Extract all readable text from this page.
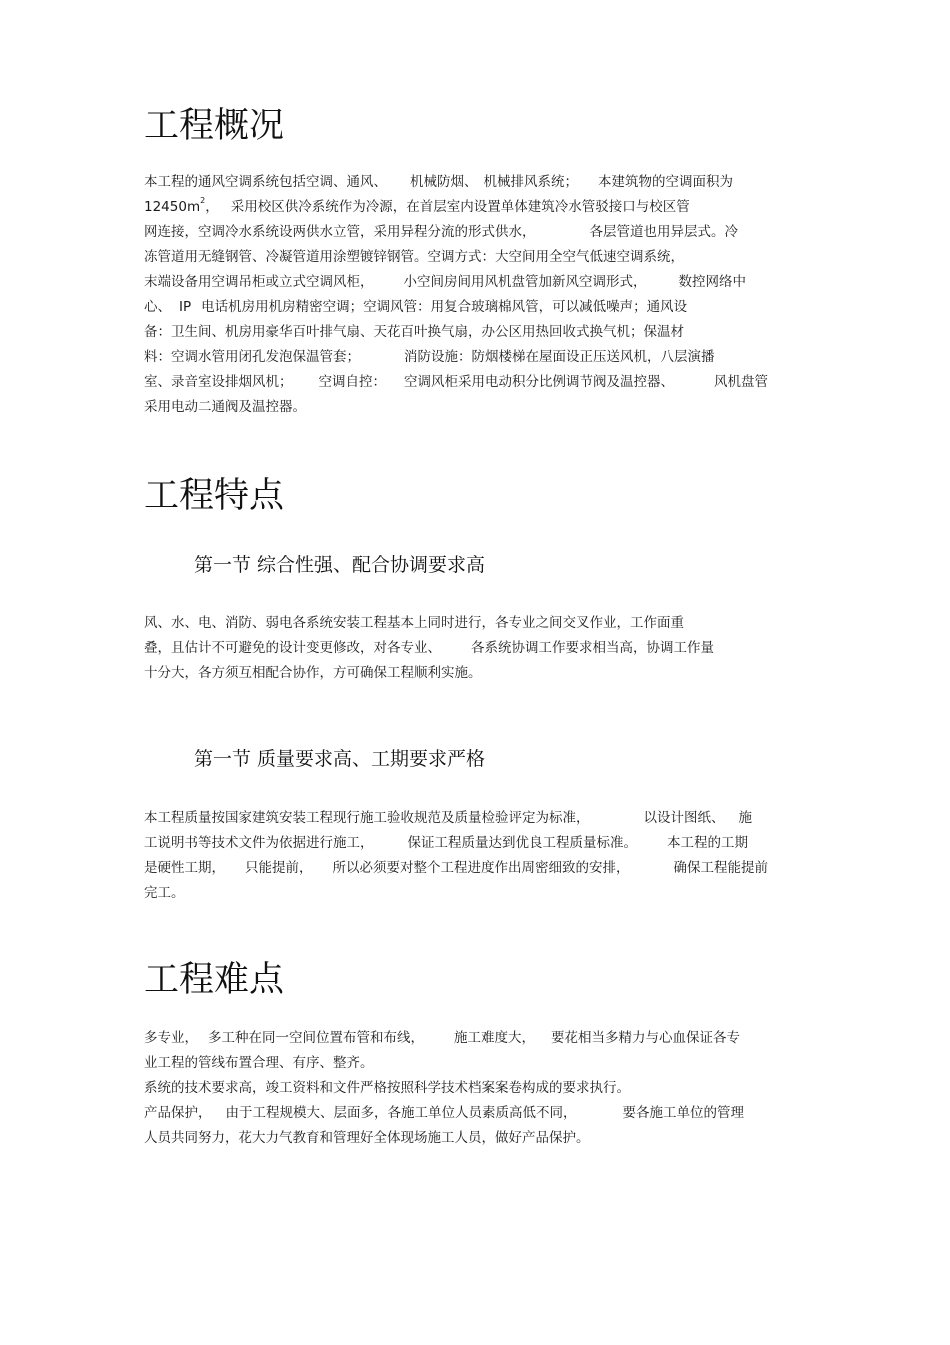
工程概况
本工程的通风空调系统包括空调、通风、 机械防烟、 机械排风系统； 本建筑物的空调面积为
$12450m^2$， 采用校区供冷系统作为冷源，在首层室内设置单体建筑冷水管驳接口与校区管
网连接，空调冷水系统设两供水立管，采用异程分流的形式供水，	各层管道也用异层式。冷
冻管道用无缝钢管、冷凝管道用涂塑镀锌钢管。空调方式：大空间用全空气低速空调系统，
末端设备用空调吊柜或立式空调风柜， 小空间房间用风机盘管加新风空调形式， 数控网络中
心、 IP 电话机房用机房精密空调；空调风管：用复合玻璃棉风管，可以减低噪声；通风设
备：卫生间、机房用豪华百叶排气扇、天花百叶换气扇，办公区用热回收式换气机；保温材
料：空调水管用闭孔发泡保温管套；	消防设施：防烟楼梯在屋面设正压送风机，八层演播
室、录音室设排烟风机； 空调自控： 空调风柜采用电动积分比例调节阀及温控器、	风机盘管
采用电动二通阀及温控器。
工程特点
第一节 综合性强、配合协调要求高
风、水、电、消防、弱电各系统安装工程基本上同时进行，各专业之间交叉作业，工作面重
叠，且估计不可避免的设计变更修改，对各专业、 各系统协调工作要求相当高，协调工作量
十分大，各方须互相配合协作，方可确保工程顺利实施。
第一节 质量要求高、工期要求严格
本工程质量按国家建筑安装工程现行施工验收规范及质量检验评定为标准，	以设计图纸、 施
工说明书等技术文件为依据进行施工，	保证工程质量达到优良工程质量标准。 本工程的工期
是硬性工期， 只能提前， 所以必须要对整个工程进度作出周密细致的安排，	确保工程能提前
完工。
工程难点
多专业， 多工种在同一空间位置布管和布线， 施工难度大， 要花相当多精力与心血保证各专
业工程的管线布置合理、有序、整齐。
系统的技术要求高，竣工资料和文件严格按照科学技术档案案卷构成的要求执行。
产品保护， 由于工程规模大、层面多，各施工单位人员素质高低不同，	要各施工单位的管理
人员共同努力，花大力气教育和管理好全体现场施工人员，做好产品保护。
